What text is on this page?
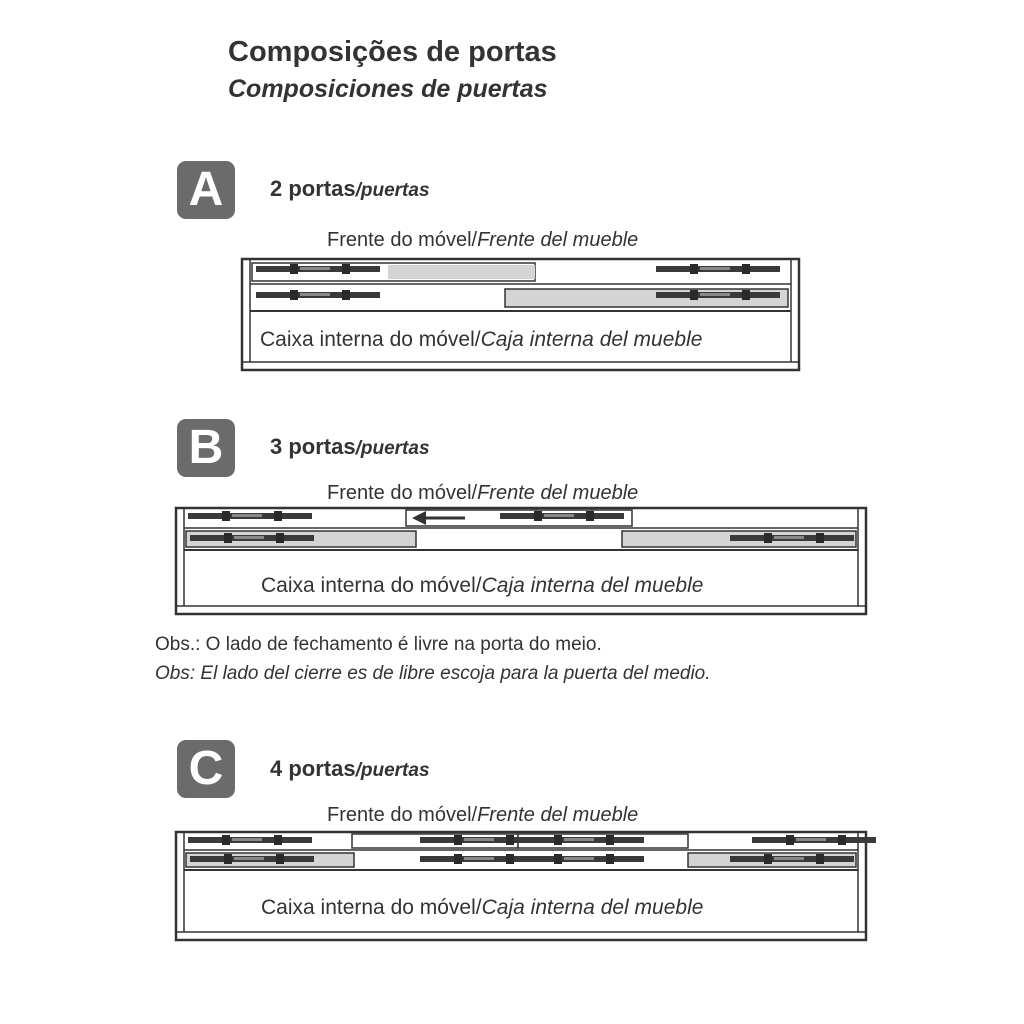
Composições de portas
Composiciones de puertas
A	2 portas/puertas
Frente do móvel/Frente del mueble
B	3 portas/puertas
Frente do móvel/Frente del mueble
Obs.: O lado de fechamento é livre na porta do meio.
Obs: El lado del cierre es de libre escoja para la puerta del medio.
C	4 portas/puertas
Frente do móvel/Frente del mueble
Caixa interna do móvel/Caja interna del mueble
Caixa interna do móvel/Caja interna del mueble
Caixa interna do móvel/Caja interna del mueble
